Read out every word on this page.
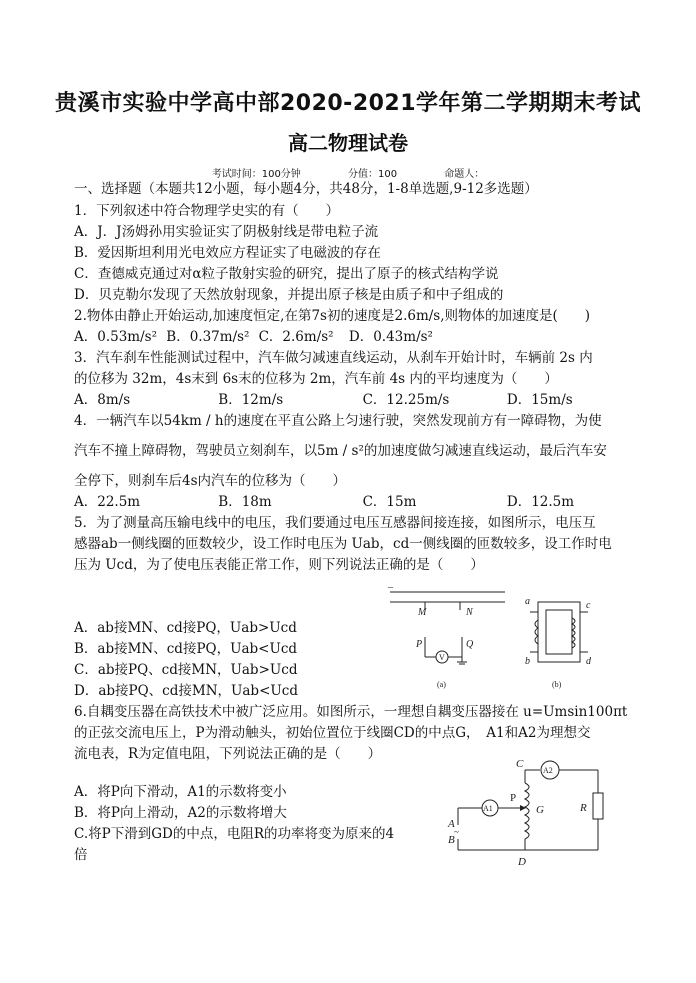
贵溪市实验中学高中部2020-2021学年第二学期期末考试
高二物理试卷
考试时间：100分钟	分值：100	命题人：
一、选择题（本题共12小题，每小题4分，共48分，1-8单选题,9-12多选题）
1．下列叙述中符合物理学史实的有（　　）
A．J．J汤姆孙用实验证实了阴极射线是带电粒子流
B．爱因斯坦利用光电效应方程证实了电磁波的存在
C．查德威克通过对α粒子散射实验的研究，提出了原子的核式结构学说
D．贝克勒尔发现了天然放射现象，并提出原子核是由质子和中子组成的
2.物体由静止开始运动,加速度恒定,在第7s初的速度是2.6m/s,则物体的加速度是(　　)
A．0.53m/s² B．0.37m/s² C．2.6m/s² D．0.43m/s²
3．汽车刹车性能测试过程中，汽车做匀减速直线运动，从刹车开始计时，车辆前 2s 内
的位移为 32m，4s末到 6s末的位移为 2m，汽车前 4s 内的平均速度为（　　）
A．8m/s	B．12m/s	C．12.25m/s	D．15m/s
4．一辆汽车以54km / h的速度在平直公路上匀速行驶，突然发现前方有一障碍物，为使
汽车不撞上障碍物，驾驶员立刻刹车，以5m / s²的加速度做匀减速直线运动，最后汽车安
全停下，则刹车后4s内汽车的位移为（　　）
A．22.5m	B．18m	C．15m	D．12.5m
5．为了测量高压输电线中的电压，我们要通过电压互感器间接连接，如图所示，电压互
感器ab一侧线圈的匝数较少，设工作时电压为 Uab，cd一侧线圈的匝数较多，设工作时电
压为 Ucd，为了使电压表能正常工作，则下列说法正确的是（　　）
A．ab接MN、cd接PQ，Uab>Ucd
B．ab接MN、cd接PQ，Uab<Ucd
C．ab接PQ、cd接MN，Uab>Ucd
D．ab接PQ、cd接MN，Uab<Ucd
–
M	N
P	Q
V
(a)
a
b
c
d
(b)
6.自耦变压器在高铁技术中被广泛应用。如图所示，一理想自耦变压器接在 u=Umsin100πt
的正弦交流电压上，P为滑动触头，初始位置位于线圈CD的中点G，　A1和A2为理想交
流电表，R为定值电阻，下列说法正确的是（　　）
A．将P向下滑动，A1的示数将变小
B．将P向上滑动，A2的示数将增大
C.将P下滑到GD的中点，电阻R的功率将变为原来的4
倍
C
D
G
P
R
A
B
~
A1
A2
